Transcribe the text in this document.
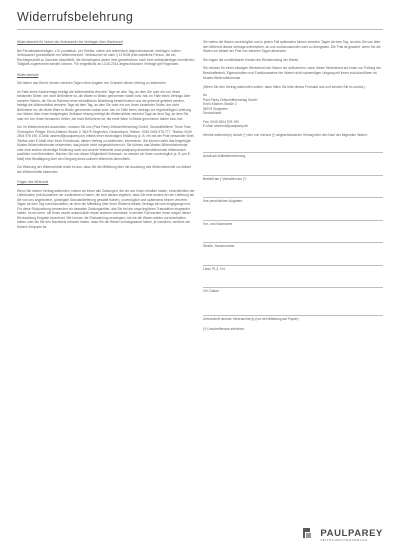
Widerrufsbelehrung

Widerrufsrecht für Nutzer als Verbraucher bei Verträgen über Warenkauf

Bei Fernabsatzverträgen, z.B. postalisch, per Telefax, online und telefonisch abgeschlossenen Verträgen, haben Verbraucher grundsätzlich ein Widerrufsrecht. Verbraucher ist nach § 13 BGB jede natürliche Person, die ein Rechtsgeschäft zu Zwecken abschließt, die überwiegend weder ihrer gewerblichen noch ihrer selbstständigen beruflichen Tätigkeit zugerechnet werden können. Für entgeltliche ab 13.06.2014 abgeschlossene Verträge gilt Folgendes:

Widerrufsrecht

Sie haben das Recht, binnen vierzehn Tagen ohne Angabe von Gründen diesen Vertrag zu widerrufen.

Im Falle eines Kaufvertrags beträgt die Widerrufsfrist vierzehn Tage ab dem Tag, an dem Sie oder ein von Ihnen benannter Dritter, der nicht Beförderer ist, die Waren in Besitz genommen haben bzw. hat. Im Falle eines Vertrags über mehrere Waren, die Sie im Rahmen einer einheitlichen Bestellung bestellt haben und die getrennt geliefert werden, beträgt die Widerrufsfrist vierzehn Tage ab dem Tag, an dem Sie oder ein von Ihnen benannter Dritter, der nicht Beförderer ist, die letzte Ware in Besitz genommen haben bzw. hat. Im Falle eines Vertrags zur regelmäßigen Lieferung von Waren über einen festgelegten Zeitraum hinweg beträgt die Widerrufsfrist vierzehn Tage ab dem Tag, an dem Sie oder ein von Ihnen benannter Dritter, der nicht Beförderer ist, die erste Ware in Besitz genommen haben bzw. hat.

Um Ihr Widerrufsrecht auszuüben, müssen Sie uns (Paul Parey Zeitschriftenverlag GmbH, Geschäftsführer Thorn Twer, Christopher Pflüger, Erich-Kästner-Straße 2, 56379 Singhofen, Deutschland, Telefon: 0049 2604 978 777, Telefax: 0049 2604 978 190, E-Mail: widerruf@paulparey.de) mittels einer eindeutigen Erklärung (z. B. ein mit der Post versandter Brief, Telefax oder E-Mail) über Ihren Entschluss, diesen Vertrag zu widerrufen, informieren. Sie können dafür das beigefügte Muster-Widerrufsformular verwenden, das jedoch nicht vorgeschrieben ist. Sie können das Muster-Widerrufsformular oder eine andere eindeutige Erklärung auch auf unserer Webseite www.paulparey.de/widerrufsformular elektronisch ausfüllen und übermitteln. Machen Sie von dieser Möglichkeit Gebrauch, so werden wir Ihnen unverzüglich (z. B. per E-Mail) eine Bestätigung über den Eingang eines solchen Widerrufs übermitteln.

Zur Wahrung der Widerrufsfrist reicht es aus, dass Sie die Mitteilung über die Ausübung des Widerrufsrechts vor Ablauf der Widerrufsfrist absenden.

Folgen des Widerrufs

Wenn Sie diesen Vertrag widerrufen, haben wir Ihnen alle Zahlungen, die wir von Ihnen erhalten haben, einschließlich der Lieferkosten (mit Ausnahme der zusätzlichen Kosten, die sich daraus ergeben, dass Sie eine andere Art der Lieferung als die von uns angebotene, günstigste Standardlieferung gewählt haben), unverzüglich und spätestens binnen vierzehn Tagen ab dem Tag zurückzuzahlen, an dem die Mitteilung über Ihren Widerruf dieses Vertrags bei uns eingegangen ist. Für diese Rückzahlung verwenden wir dasselbe Zahlungsmittel, das Sie bei der ursprünglichen Transaktion eingesetzt haben, es sei denn, mit Ihnen wurde ausdrücklich etwas anderes vereinbart; in keinem Fall werden Ihnen wegen dieser Rückzahlung Entgelte berechnet. Wir können die Rückzahlung verweigern, bis wir die Waren wieder zurückerhalten haben oder bis Sie den Nachweis erbracht haben, dass Sie die Waren zurückgesandt haben, je nachdem, welches der frühere Zeitpunkt ist.

Sie haben die Waren unverzüglich und in jedem Fall spätestens binnen vierzehn Tagen ab dem Tag, an dem Sie uns über den Widerruf dieses Vertrags unterrichten, an uns zurückzusenden oder zu übergeben. Die Frist ist gewahrt, wenn Sie die Waren vor Ablauf der Frist von vierzehn Tagen absenden.

Sie tragen die unmittelbaren Kosten der Rücksendung der Waren.

Sie müssen für einen etwaigen Wertverlust der Waren nur aufkommen, wenn dieser Wertverlust auf einen zur Prüfung der Beschaffenheit, Eigenschaften und Funktionsweise der Waren nicht notwendigen Umgang mit ihnen zurückzuführen ist.

Muster-Widerrufsformular

(Wenn Sie den Vertrag widerrufen wollen, dann füllen Sie bitte dieses Formular aus und senden Sie es zurück.)

An

Paul Parey Zeitschriftenverlag GmbH

Erich-Kästner-Straße 2

56379 Singhofen

Deutschland

Fax: 0049 2604 978 190

E-Mail: widerruf@paulparey.de

Hiermit widerrufe(n) ich/wir (*) den von mir/uns (*) abgeschlossenen Vertrag über den Kauf der folgenden Waren:

Ausdruck Artikelbezeichnung
Bestellt am (*)/erhalten am (*)
Ihre persönlichen Angaben:
Vor- und Nachname
Straße, Hausnummer
Land, PLZ, Ort
Ort, Datum
Unterschrift des/der Verbraucher(s) (nur bei Mitteilung auf Papier)

(*) Unzutreffendes streichen.

PAULPAREY
ZEITSCHRIFTENVERLAG
